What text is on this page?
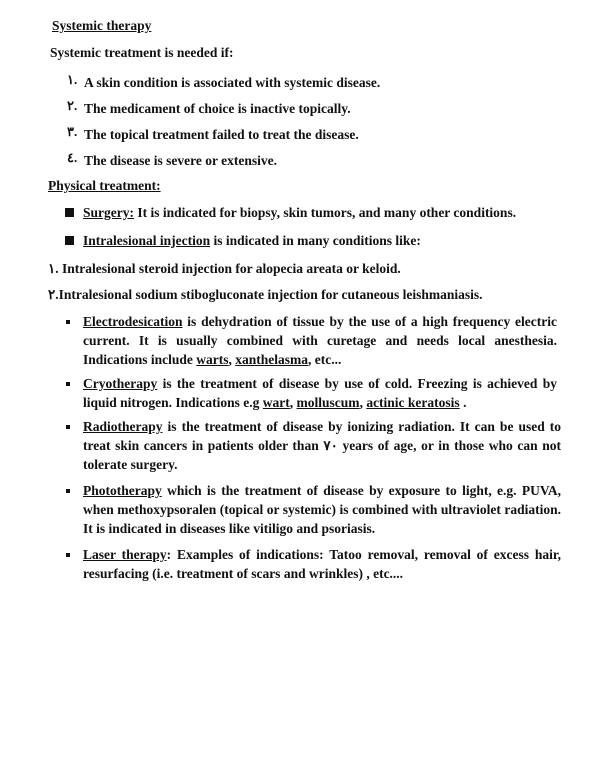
Systemic therapy
Systemic treatment is needed if:
١. A skin condition is associated with systemic disease.
٢. The medicament of choice is inactive topically.
٣. The topical treatment failed to treat the disease.
٤. The disease is severe or extensive.
Physical treatment:
Surgery: It is indicated for biopsy, skin tumors, and many other conditions.
Intralesional injection is indicated in many conditions like:
١. Intralesional steroid injection for alopecia areata or keloid.
٢.Intralesional sodium stibogluconate injection for cutaneous leishmaniasis.
Electrodesication is dehydration of tissue by the use of a high frequency electric current. It is usually combined with curetage and needs local anesthesia. Indications include warts, xanthelasma, etc...
Cryotherapy is the treatment of disease by use of cold. Freezing is achieved by liquid nitrogen. Indications e.g wart, molluscum, actinic keratosis .
Radiotherapy is the treatment of disease by ionizing radiation. It can be used to treat skin cancers in patients older than ٧٠ years of age, or in those who can not tolerate surgery.
Phototherapy which is the treatment of disease by exposure to light, e.g. PUVA, when methoxypsoralen (topical or systemic) is combined with ultraviolet radiation. It is indicated in diseases like vitiligo and psoriasis.
Laser therapy: Examples of indications: Tatoo removal, removal of excess hair, resurfacing (i.e. treatment of scars and wrinkles) , etc....
